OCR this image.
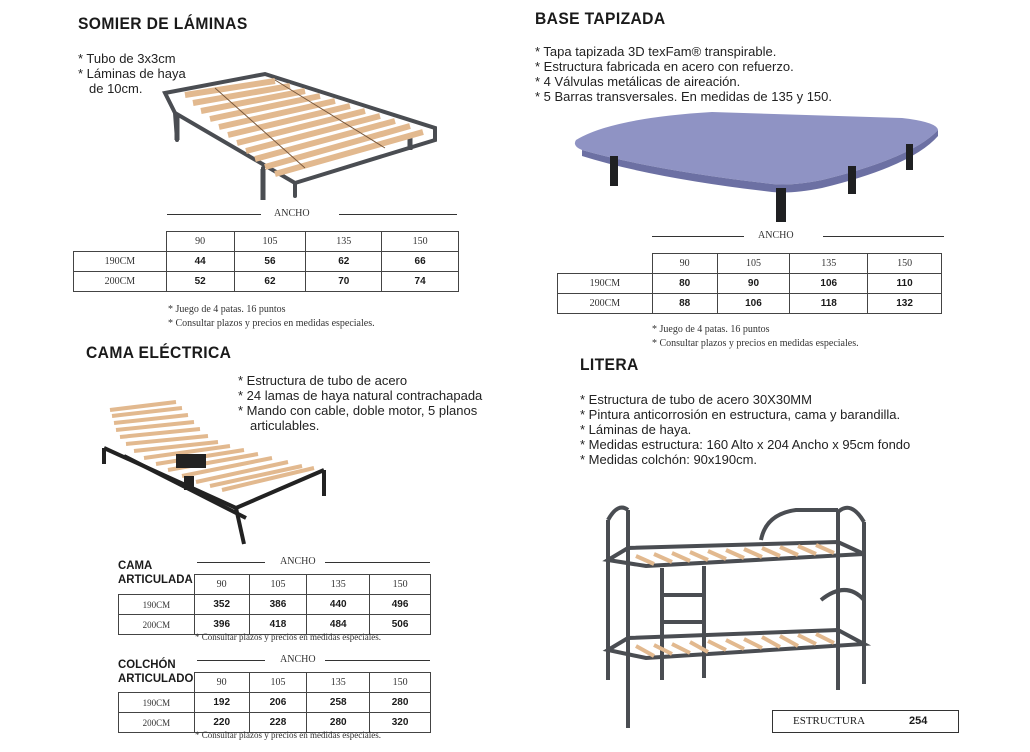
SOMIER DE LÁMINAS
* Tubo de 3x3cm
* Láminas de haya
de 10cm.
ANCHO
	90	105	135	150
190CM	44	56	62	66
200CM	52	62	70	74
* Juego de 4 patas. 16 puntos
* Consultar plazos y precios en medidas especiales.
BASE TAPIZADA
* Tapa tapizada 3D texFam® transpirable.
* Estructura fabricada en acero con refuerzo.
* 4 Válvulas metálicas de aireación.
* 5 Barras transversales. En medidas de 135 y 150.
ANCHO
	90	105	135	150
190CM	80	90	106	110
200CM	88	106	118	132
* Juego de 4 patas. 16 puntos
* Consultar plazos y precios en medidas especiales.
CAMA ELÉCTRICA
* Estructura de tubo de acero
* 24 lamas de haya natural contrachapada
* Mando con cable, doble motor, 5 planos
articulables.
CAMA
ARTICULADA
ANCHO
	90	105	135	150
190CM	352	386	440	496
200CM	396	418	484	506
* Consultar plazos y precios en medidas especiales.
COLCHÓN
ARTICULADO
ANCHO
	90	105	135	150
190CM	192	206	258	280
200CM	220	228	280	320
* Consultar plazos y precios en medidas especiales.
LITERA
* Estructura de tubo de acero 30X30MM
* Pintura anticorrosión en estructura, cama y barandilla.
* Láminas de haya.
* Medidas estructura: 160 Alto x 204 Ancho x 95cm fondo
* Medidas colchón: 90x190cm.
ESTRUCTURA	254
